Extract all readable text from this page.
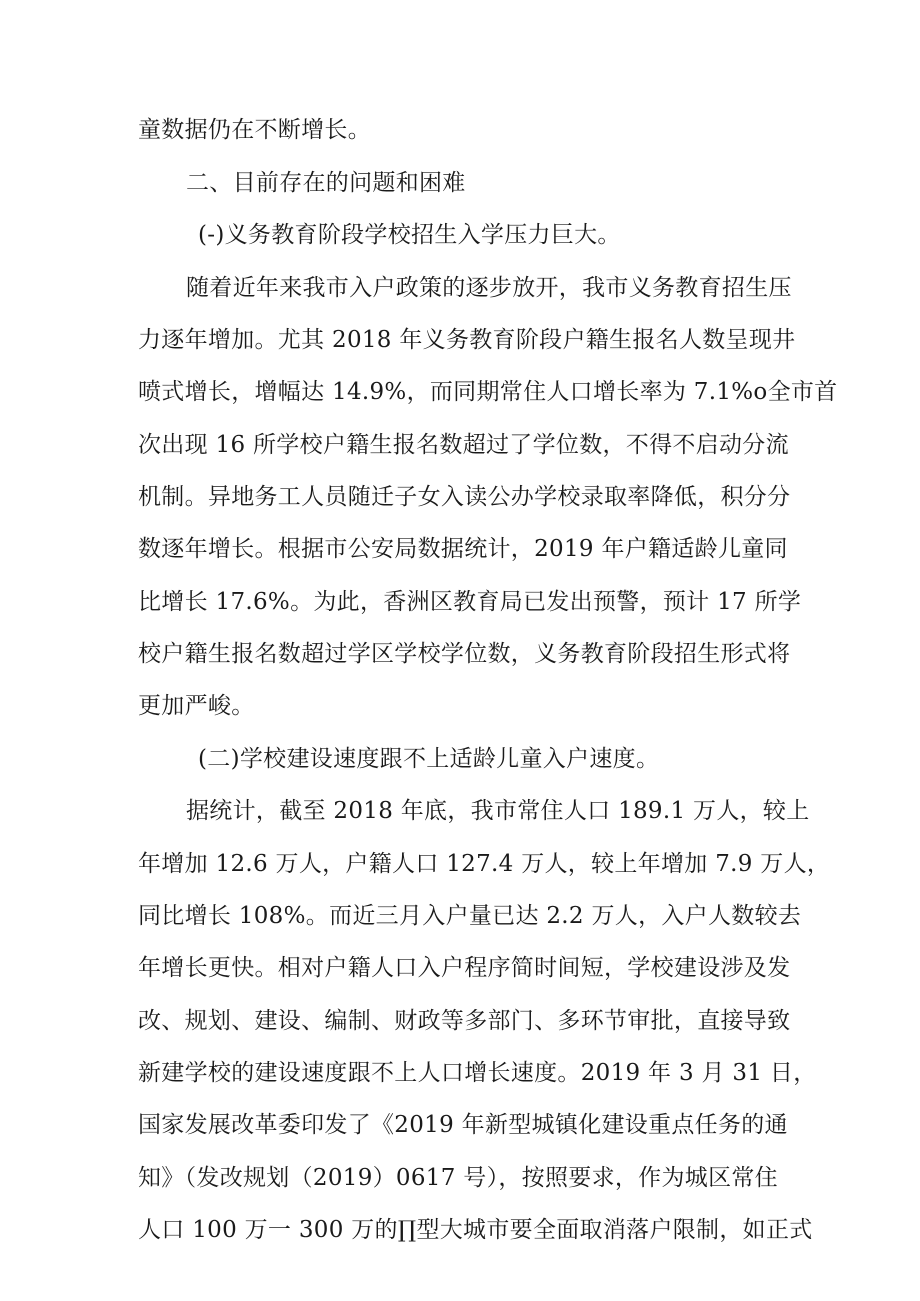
童数据仍在不断增长。
二、目前存在的问题和困难
(-)义务教育阶段学校招生入学压力巨大。
随着近年来我市入户政策的逐步放开，我市义务教育招生压
力逐年增加。尤其 2018 年义务教育阶段户籍生报名人数呈现井
喷式增长，增幅达 14.9%，而同期常住人口增长率为 7.1%o全市首
次出现 16 所学校户籍生报名数超过了学位数，不得不启动分流
机制。异地务工人员随迁子女入读公办学校录取率降低，积分分
数逐年增长。根据市公安局数据统计，2019 年户籍适龄儿童同
比增长 17.6%。为此，香洲区教育局已发出预警，预计 17 所学
校户籍生报名数超过学区学校学位数，义务教育阶段招生形式将
更加严峻。
(二)学校建设速度跟不上适龄儿童入户速度。
据统计，截至 2018 年底，我市常住人口 189.1 万人，较上
年增加 12.6 万人，户籍人口 127.4 万人，较上年增加 7.9 万人，
同比增长 108%。而近三月入户量已达 2.2 万人，入户人数较去
年增长更快。相对户籍人口入户程序简时间短，学校建设涉及发
改、规划、建设、编制、财政等多部门、多环节审批，直接导致
新建学校的建设速度跟不上人口增长速度。2019 年 3 月 31 日，
国家发展改革委印发了《2019 年新型城镇化建设重点任务的通
知》（发改规划（2019）0617 号），按照要求，作为城区常住
人口 100 万一 300 万的∏型大城市要全面取消落户限制，如正式
